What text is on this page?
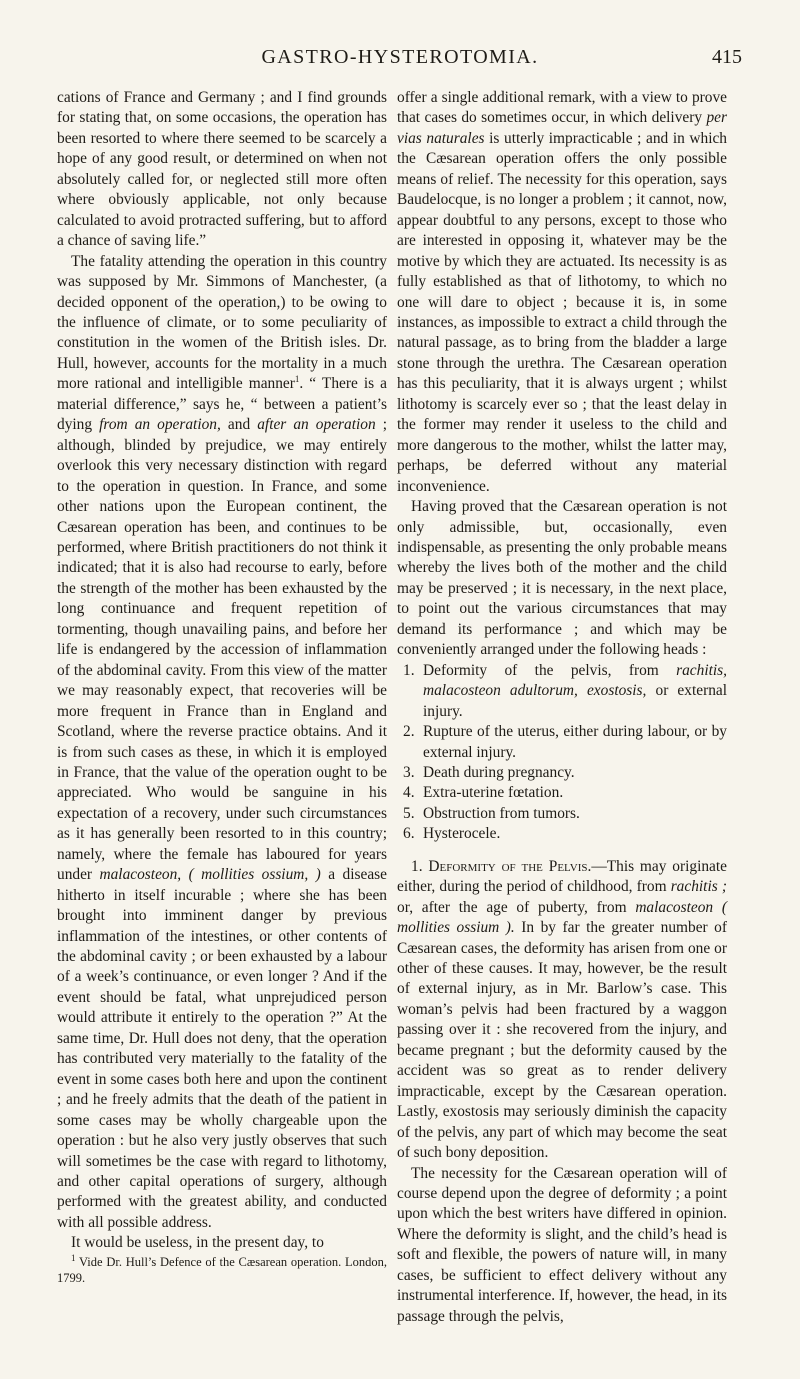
GASTRO-HYSTEROTOMIA.	415

cations of France and Germany ; and I find grounds for stating that, on some occasions, the operation has been resorted to where there seemed to be scarcely a hope of any good result, or determined on when not absolutely called for, or neglected still more often where obviously applicable, not only because calculated to avoid protracted suffering, but to afford a chance of saving life.”

The fatality attending the operation in this country was supposed by Mr. Simmons of Manchester, (a decided opponent of the operation,) to be owing to the influence of climate, or to some peculiarity of constitution in the women of the British isles. Dr. Hull, however, accounts for the mortality in a much more rational and intelligible manner$^1$. “ There is a material difference,” says he, “ between a patient’s dying from an operation, and after an operation ; although, blinded by prejudice, we may entirely overlook this very necessary distinction with regard to the operation in question. In France, and some other nations upon the European continent, the Cæsarean operation has been, and continues to be performed, where British practitioners do not think it indicated; that it is also had recourse to early, before the strength of the mother has been exhausted by the long continuance and frequent repetition of tormenting, though unavailing pains, and before her life is endangered by the accession of inflammation of the abdominal cavity. From this view of the matter we may reasonably expect, that recoveries will be more frequent in France than in England and Scotland, where the reverse practice obtains. And it is from such cases as these, in which it is employed in France, that the value of the operation ought to be appreciated. Who would be sanguine in his expectation of a recovery, under such circumstances as it has generally been resorted to in this country; namely, where the female has laboured for years under malacosteon, ( mollities ossium, ) a disease hitherto in itself incurable ; where she has been brought into imminent danger by previous inflammation of the intestines, or other contents of the abdominal cavity ; or been exhausted by a labour of a week’s continuance, or even longer ? And if the event should be fatal, what unprejudiced person would attribute it entirely to the operation ?” At the same time, Dr. Hull does not deny, that the operation has contributed very materially to the fatality of the event in some cases both here and upon the continent ; and he freely admits that the death of the patient in some cases may be wholly chargeable upon the operation : but he also very justly observes that such will sometimes be the case with regard to lithotomy, and other capital operations of surgery, although performed with the greatest ability, and conducted with all possible address.

It would be useless, in the present day, to

$^1$ Vide Dr. Hull’s Defence of the Cæsarean operation. London, 1799.

offer a single additional remark, with a view to prove that cases do sometimes occur, in which delivery per vias naturales is utterly impracticable ; and in which the Cæsarean operation offers the only possible means of relief. The necessity for this operation, says Baudelocque, is no longer a problem ; it cannot, now, appear doubtful to any persons, except to those who are interested in opposing it, whatever may be the motive by which they are actuated. Its necessity is as fully established as that of lithotomy, to which no one will dare to object ; because it is, in some instances, as impossible to extract a child through the natural passage, as to bring from the bladder a large stone through the urethra. The Cæsarean operation has this peculiarity, that it is always urgent ; whilst lithotomy is scarcely ever so ; that the least delay in the former may render it useless to the child and more dangerous to the mother, whilst the latter may, perhaps, be deferred without any material inconvenience.

Having proved that the Cæsarean operation is not only admissible, but, occasionally, even indispensable, as presenting the only probable means whereby the lives both of the mother and the child may be preserved ; it is necessary, in the next place, to point out the various circumstances that may demand its performance ; and which may be conveniently arranged under the following heads :

1. Deformity of the pelvis, from rachitis, malacosteon adultorum, exostosis, or external injury.
2. Rupture of the uterus, either during labour, or by external injury.
3. Death during pregnancy.
4. Extra-uterine fœtation.
5. Obstruction from tumors.
6. Hysterocele.

1. Deformity of the Pelvis.—This may originate either, during the period of childhood, from rachitis ; or, after the age of puberty, from malacosteon ( mollities ossium ). In by far the greater number of Cæsarean cases, the deformity has arisen from one or other of these causes. It may, however, be the result of external injury, as in Mr. Barlow’s case. This woman’s pelvis had been fractured by a waggon passing over it : she recovered from the injury, and became pregnant ; but the deformity caused by the accident was so great as to render delivery impracticable, except by the Cæsarean operation. Lastly, exostosis may seriously diminish the capacity of the pelvis, any part of which may become the seat of such bony deposition.

The necessity for the Cæsarean operation will of course depend upon the degree of deformity ; a point upon which the best writers have differed in opinion. Where the deformity is slight, and the child’s head is soft and flexible, the powers of nature will, in many cases, be sufficient to effect delivery without any instrumental interference. If, however, the head, in its passage through the pelvis,
